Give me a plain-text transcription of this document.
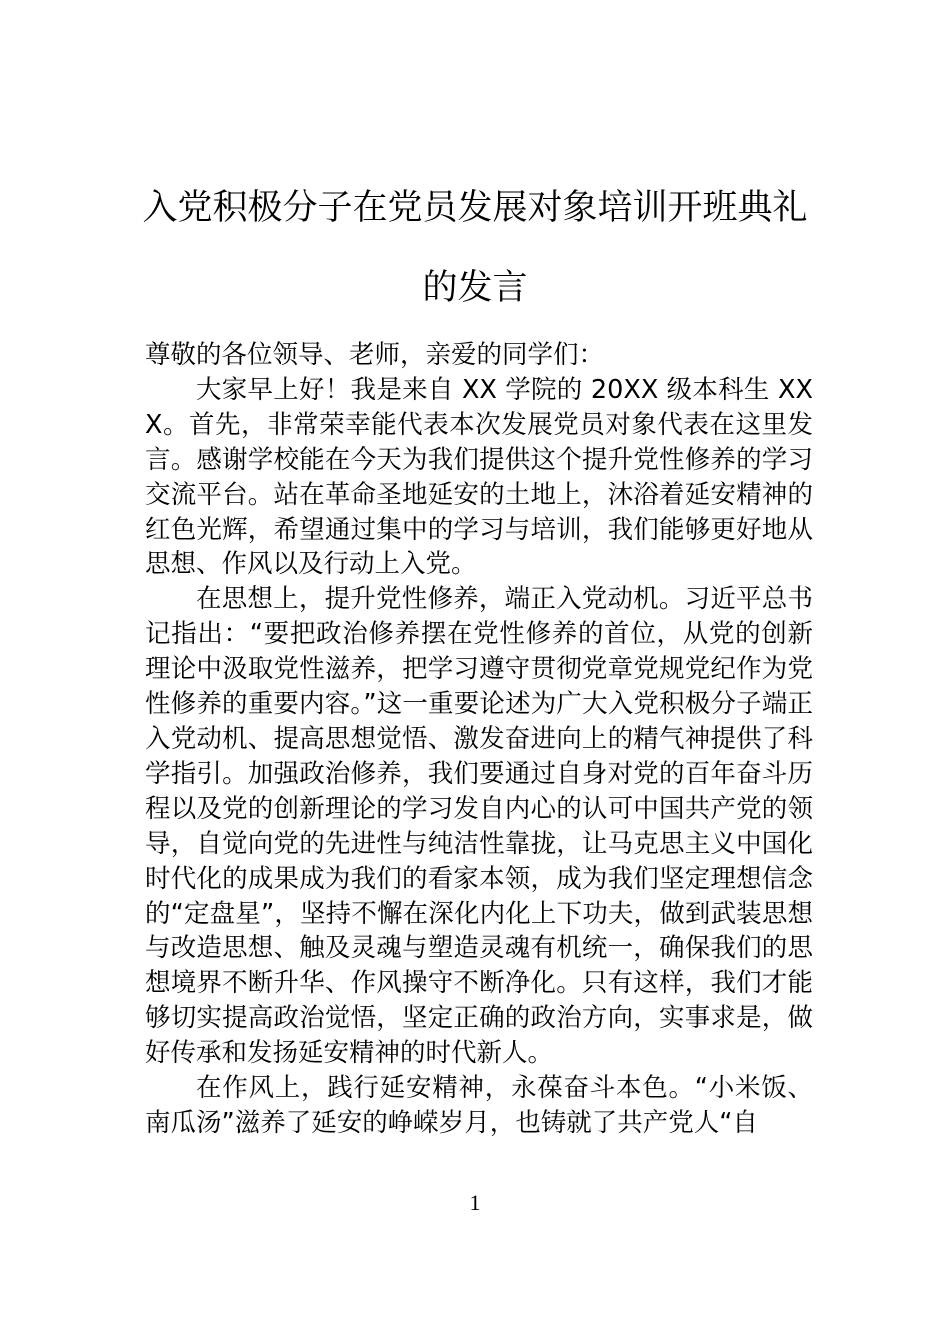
入党积极分子在党员发展对象培训开班典礼的发言

尊敬的各位领导、老师，亲爱的同学们：

大家早上好！我是来自 XX 学院的 20XX 级本科生 XXX。首先，非常荣幸能代表本次发展党员对象代表在这里发言。感谢学校能在今天为我们提供这个提升党性修养的学习交流平台。站在革命圣地延安的土地上，沐浴着延安精神的红色光辉，希望通过集中的学习与培训，我们能够更好地从思想、作风以及行动上入党。

在思想上，提升党性修养，端正入党动机。习近平总书记指出：“要把政治修养摆在党性修养的首位，从党的创新理论中汲取党性滋养，把学习遵守贯彻党章党规党纪作为党性修养的重要内容。”这一重要论述为广大入党积极分子端正入党动机、提高思想觉悟、激发奋进向上的精气神提供了科学指引。加强政治修养，我们要通过自身对党的百年奋斗历程以及党的创新理论的学习发自内心的认可中国共产党的领导，自觉向党的先进性与纯洁性靠拢，让马克思主义中国化时代化的成果成为我们的看家本领，成为我们坚定理想信念的“定盘星”，坚持不懈在深化内化上下功夫，做到武装思想与改造思想、触及灵魂与塑造灵魂有机统一，确保我们的思想境界不断升华、作风操守不断净化。只有这样，我们才能够切实提高政治觉悟，坚定正确的政治方向，实事求是，做好传承和发扬延安精神的时代新人。

在作风上，践行延安精神，永葆奋斗本色。“小米饭、南瓜汤”滋养了延安的峥嵘岁月，也铸就了共产党人“自

1
